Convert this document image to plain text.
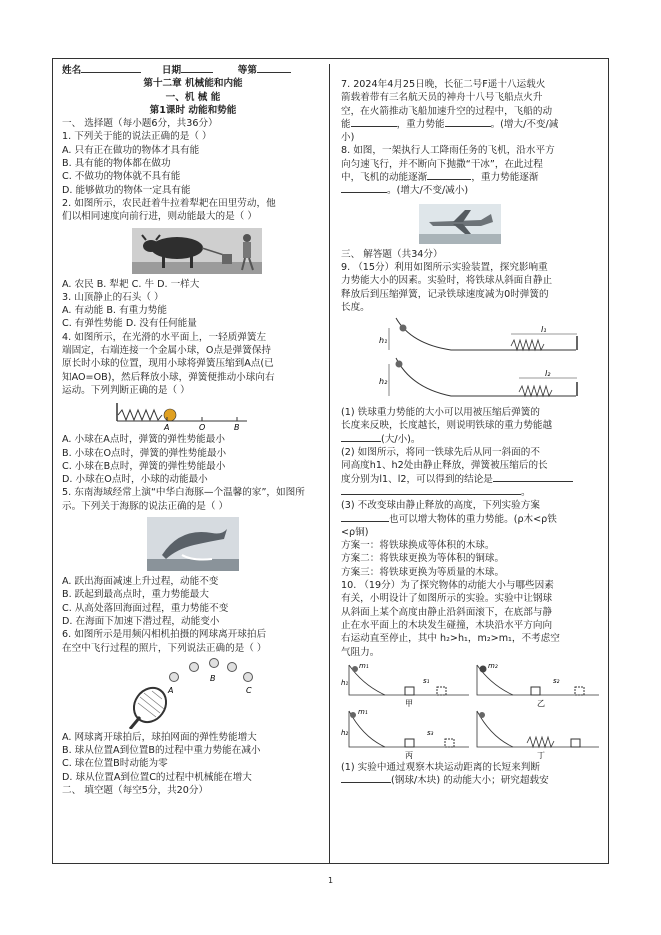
姓名	日期	等第
第十二章 机械能和内能
一、机 械 能
第1课时 动能和势能
一、 选择题（每小题6分，共36分）
1. 下列关于能的说法正确的是（ ）
A. 只有正在做功的物体才具有能
B. 具有能的物体都在做功
C. 不做功的物体就不具有能
D. 能够做功的物体一定具有能
2. 如图所示，农民赶着牛拉着犁耙在田里劳动，他
们以相同速度向前行进，则动能最大的是（ ）
A. 农民 B. 犁耙 C. 牛 D. 一样大
3. 山顶静止的石头（ ）
A. 有动能 B. 有重力势能
C. 有弹性势能 D. 没有任何能量
4. 如图所示，在光滑的水平面上，一轻质弹簧左
端固定，右端连接一个金属小球，O点是弹簧保持
原长时小球的位置，现用小球将弹簧压缩到A点(已
知AO=OB)，然后释放小球，弹簧便推动小球向右
运动。下列判断正确的是（ ）
A	O	B
A. 小球在A点时，弹簧的弹性势能最小
B. 小球在O点时，弹簧的弹性势能最小
C. 小球在B点时，弹簧的弹性势能最小
D. 小球在O点时，小球的动能最小
5. 东南海域经常上演“中华白海豚—个温馨的家”，如图所
示。下列关于海豚的说法正确的是（ ）
A. 跃出海面减速上升过程，动能不变
B. 跃起到最高点时，重力势能最大
C. 从高处落回海面过程，重力势能不变
D. 在海面下加速下潜过程，动能变小
6. 如图所示是用频闪相机拍摄的网球离开球拍后
在空中飞行过程的照片，下列说法正确的是（ ）
A
B
C
A. 网球离开球拍后，球拍网面的弹性势能增大
B. 球从位置A到位置B的过程中重力势能在减小
C. 球在位置B时动能为零
D. 球从位置A到位置C的过程中机械能在增大
二、 填空题（每空5分，共20分）
7. 2024年4月25日晚，长征二号F遥十八运载火
箭载着带有三名航天员的神舟十八号飞船点火升
空，在火箭推动飞船加速升空的过程中，飞船的动
能	，重力势能	。(增大/不变/减
小)
8. 如图，一架执行人工降雨任务的飞机，沿水平方
向匀速飞行，并不断向下抛撒“干冰”，在此过程
中，飞机的动能逐渐	，重力势能逐渐
。(增大/不变/减小)
三、 解答题（共34分）
9. （15分）利用如图所示实验装置，探究影响重
力势能大小的因素。实验时，将铁球从斜面自静止
释放后到压缩弹簧，记录铁球速度减为0时弹簧的
长度。
h₁
l₁
h₂
l₂
(1) 铁球重力势能的大小可以用被压缩后弹簧的
长度来反映，长度越长，则说明铁球的重力势能越
(大/小)。
(2) 如图所示，将同一铁球先后从同一斜面的不
同高度h1、h2处由静止释放，弹簧被压缩后的长
度分别为l1、l2，可以得到的结论是
。
(3) 不改变球由静止释放的高度，下列实验方案
也可以增大物体的重力势能。(ρ木<ρ铁
<ρ铜)
方案一：将铁球换成等体积的木球。
方案二：将铁球更换为等体积的铜球。
方案三：将铁球更换为等质量的木球。
10. （19分）为了探究物体的动能大小与哪些因素
有关，小明设计了如图所示的实验。实验中让钢球
从斜面上某个高度由静止沿斜面滚下，在底部与静
止在水平面上的木块发生碰撞，木块沿水平方向向
右运动直至停止，其中 h₂>h₁，m₂>m₁，不考虑空
气阻力。
m₁
h₁	s₁
甲
m₂
s₂
乙
m₁
h₂	s₃
丙	丁
(1) 实验中通过观察木块运动距离的长短来判断
(钢球/木块) 的动能大小；研究超载安
1
